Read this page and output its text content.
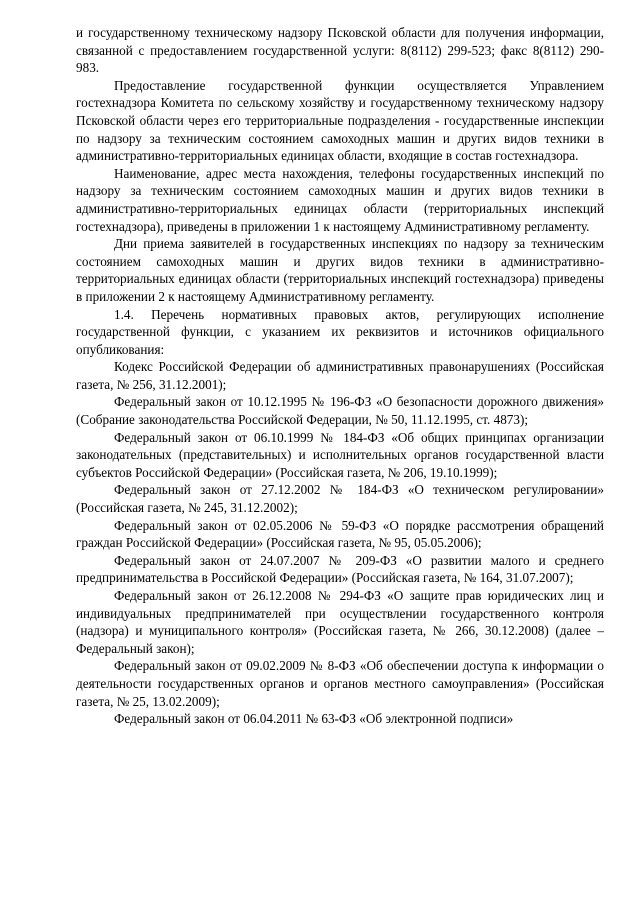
и государственному техническому надзору Псковской области для получения информации, связанной с предоставлением государственной услуги: 8(8112) 299-523; факс 8(8112) 290-983.

Предоставление государственной функции осуществляется Управлением гостехнадзора Комитета по сельскому хозяйству и государственному техническому надзору Псковской области через его территориальные подразделения - государственные инспекции по надзору за техническим состоянием самоходных машин и других видов техники в административно-территориальных единицах области, входящие в состав гостехнадзора.

Наименование, адрес места нахождения, телефоны государственных инспекций по надзору за техническим состоянием самоходных машин и других видов техники в административно-территориальных единицах области (территориальных инспекций гостехнадзора), приведены в приложении 1 к настоящему Административному регламенту.

Дни приема заявителей в государственных инспекциях по надзору за техническим состоянием самоходных машин и других видов техники в административно-территориальных единицах области (территориальных инспекций гостехнадзора) приведены в приложении 2 к настоящему Административному регламенту.

1.4. Перечень нормативных правовых актов, регулирующих исполнение государственной функции, с указанием их реквизитов и источников официального опубликования:

Кодекс Российской Федерации об административных правонарушениях (Российская газета, № 256, 31.12.2001);

Федеральный закон от 10.12.1995 № 196-ФЗ «О безопасности дорожного движения» (Собрание законодательства Российской Федерации, № 50, 11.12.1995, ст. 4873);

Федеральный закон от 06.10.1999 № 184-ФЗ «Об общих принципах организации законодательных (представительных) и исполнительных органов государственной власти субъектов Российской Федерации» (Российская газета, № 206, 19.10.1999);

Федеральный закон от 27.12.2002 № 184-ФЗ «О техническом регулировании» (Российская газета, № 245, 31.12.2002);

Федеральный закон от 02.05.2006 № 59-ФЗ «О порядке рассмотрения обращений граждан Российской Федерации» (Российская газета, № 95, 05.05.2006);

Федеральный закон от 24.07.2007 № 209-ФЗ «О развитии малого и среднего предпринимательства в Российской Федерации» (Российская газета, № 164, 31.07.2007);

Федеральный закон от 26.12.2008 № 294-ФЗ «О защите прав юридических лиц и индивидуальных предпринимателей при осуществлении государственного контроля (надзора) и муниципального контроля» (Российская газета, № 266, 30.12.2008) (далее – Федеральный закон);

Федеральный закон от 09.02.2009 № 8-ФЗ «Об обеспечении доступа к информации о деятельности государственных органов и органов местного самоуправления» (Российская газета, № 25, 13.02.2009);

Федеральный закон от 06.04.2011 № 63-ФЗ «Об электронной подписи»
